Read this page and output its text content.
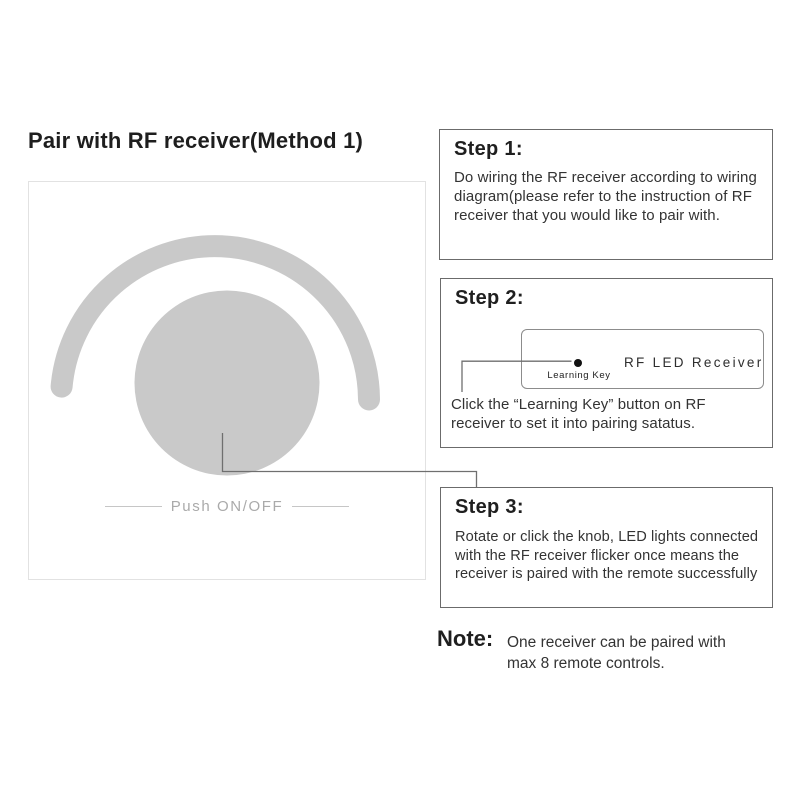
Pair with RF receiver(Method 1)
Push ON/OFF
Step 1:
Do wiring the RF receiver according to wiring diagram(please refer to the instruction of RF receiver that you would like to pair with.
Step 2:
Learning Key
RF LED Receiver
Click the “Learning Key” button on RF receiver to set it into pairing satatus.
Step 3:
Rotate or click the knob, LED lights connected with the RF receiver flicker once means the receiver is paired with the remote successfully
Note: One receiver can be paired with max 8 remote controls.
